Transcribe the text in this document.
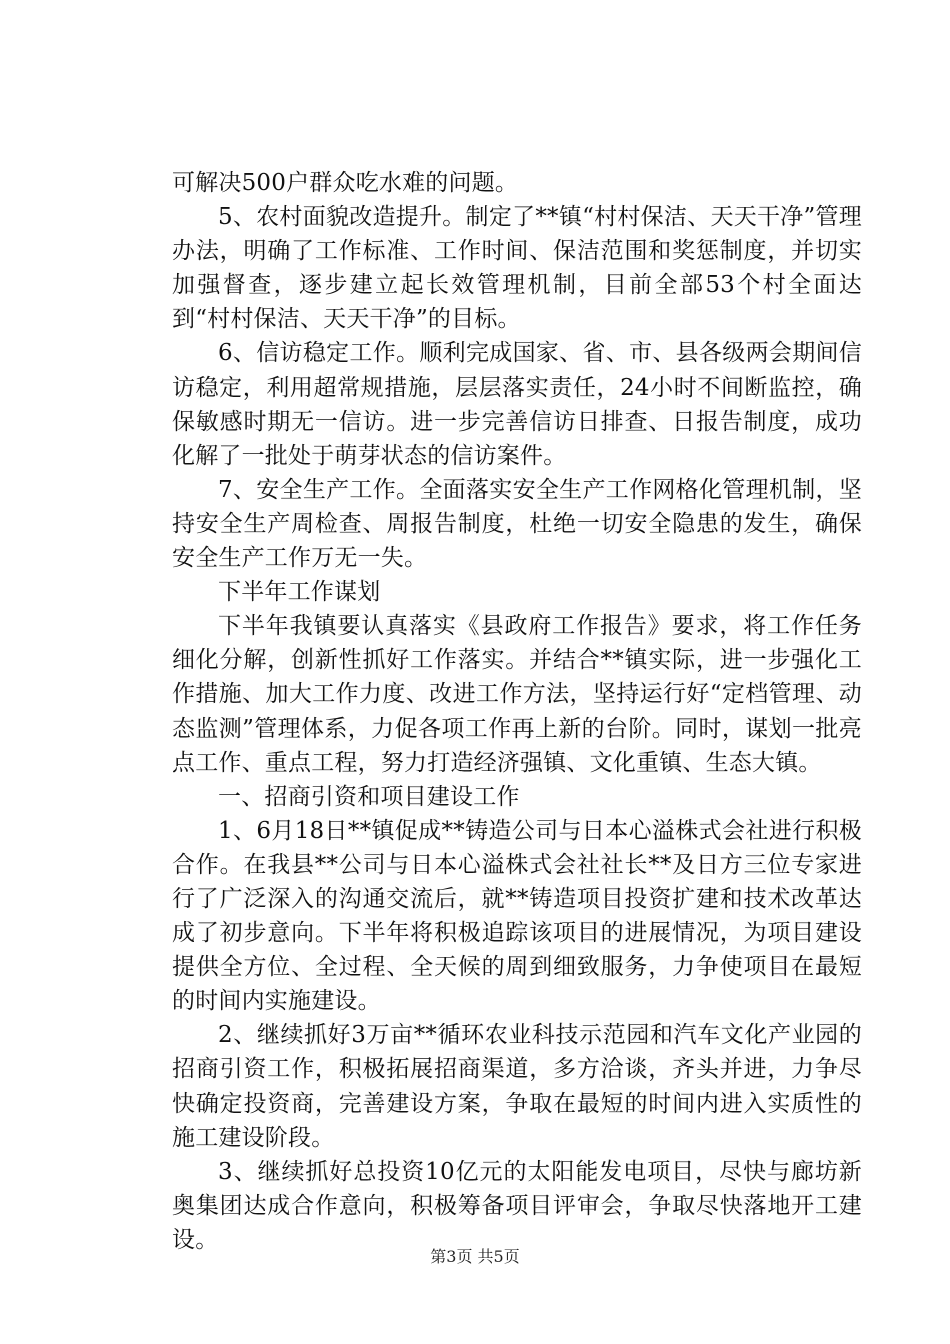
可解决500户群众吃水难的问题。

5、农村面貌改造提升。制定了**镇“村村保洁、天天干净”管理办法，明确了工作标准、工作时间、保洁范围和奖惩制度，并切实加强督查，逐步建立起长效管理机制，目前全部53个村全面达到“村村保洁、天天干净”的目标。

6、信访稳定工作。顺利完成国家、省、市、县各级两会期间信访稳定，利用超常规措施，层层落实责任，24小时不间断监控，确保敏感时期无一信访。进一步完善信访日排查、日报告制度，成功化解了一批处于萌芽状态的信访案件。

7、安全生产工作。全面落实安全生产工作网格化管理机制，坚持安全生产周检查、周报告制度，杜绝一切安全隐患的发生，确保安全生产工作万无一失。

下半年工作谋划

下半年我镇要认真落实《县政府工作报告》要求，将工作任务细化分解，创新性抓好工作落实。并结合**镇实际，进一步强化工作措施、加大工作力度、改进工作方法，坚持运行好“定档管理、动态监测”管理体系，力促各项工作再上新的台阶。同时，谋划一批亮点工作、重点工程，努力打造经济强镇、文化重镇、生态大镇。

一、招商引资和项目建设工作

1、6月18日**镇促成**铸造公司与日本心溢株式会社进行积极合作。在我县**公司与日本心溢株式会社社长**及日方三位专家进行了广泛深入的沟通交流后，就**铸造项目投资扩建和技术改革达成了初步意向。下半年将积极追踪该项目的进展情况，为项目建设提供全方位、全过程、全天候的周到细致服务，力争使项目在最短的时间内实施建设。

2、继续抓好3万亩**循环农业科技示范园和汽车文化产业园的招商引资工作，积极拓展招商渠道，多方洽谈，齐头并进，力争尽快确定投资商，完善建设方案，争取在最短的时间内进入实质性的施工建设阶段。

3、继续抓好总投资10亿元的太阳能发电项目，尽快与廊坊新奥集团达成合作意向，积极筹备项目评审会，争取尽快落地开工建设。

第3页 共5页
